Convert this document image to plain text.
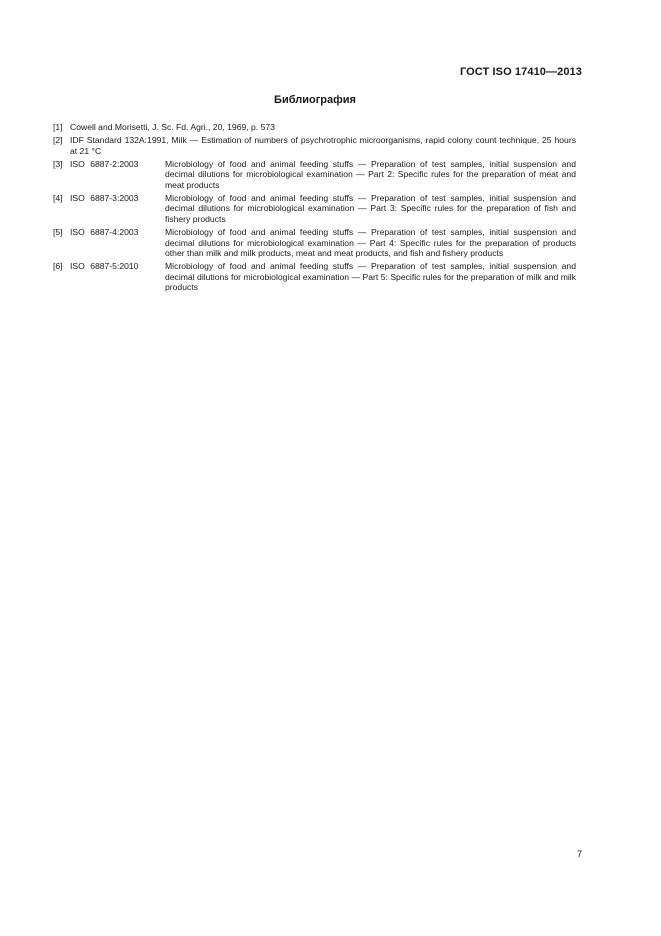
ГОСТ ISO 17410—2013
Библиография
[1] Cowell and Morisetti, J. Sc. Fd. Agri., 20, 1969, p. 573
[2] IDF Standard 132A:1991, Milk — Estimation of numbers of psychrotrophic microorganisms, rapid colony count technique, 25 hours at 21 °C
[3] ISO 6887-2:2003	Microbiology of food and animal feeding stuffs — Preparation of test samples, initial suspension and decimal dilutions for microbiological examination — Part 2: Specific rules for the preparation of meat and meat products
[4] ISO 6887-3:2003	Microbiology of food and animal feeding stuffs — Preparation of test samples, initial suspension and decimal dilutions for microbiological examination — Part 3: Specific rules for the preparation of fish and fishery products
[5] ISO 6887-4:2003	Microbiology of food and animal feeding stuffs — Preparation of test samples, initial suspension and decimal dilutions for microbiological examination — Part 4: Specific rules for the preparation of products other than milk and milk products, meat and meat products, and fish and fishery products
[6] ISO 6887-5:2010	Microbiology of food and animal feeding stuffs — Preparation of test samples, initial suspension and decimal dilutions for microbiological examination — Part 5: Specific rules for the preparation of milk and milk products
7
